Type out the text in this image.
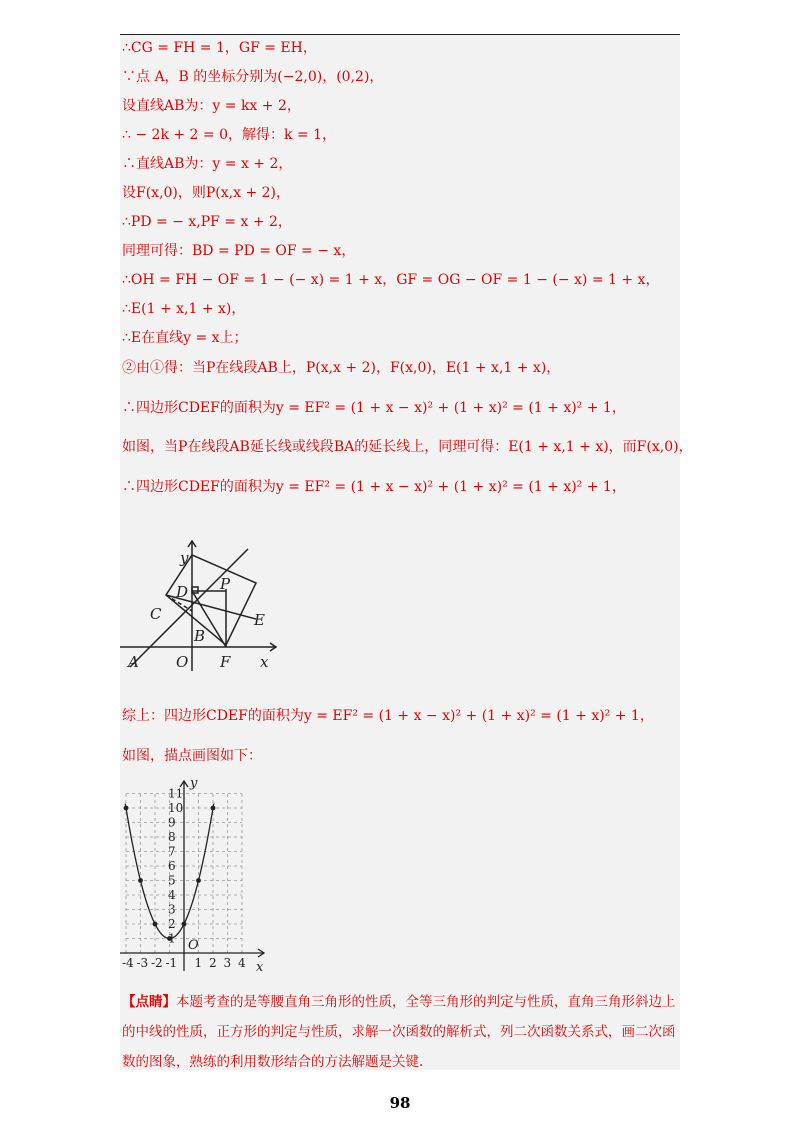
∴CG = FH = 1，GF = EH，
∵点 A，B 的坐标分别为(−2,0)，(0,2)，
设直线AB为：y = kx + 2，
∴ − 2k + 2 = 0，解得：k = 1，
∴直线AB为：y = x + 2，
设F(x,0)，则P(x,x + 2)，
∴PD = − x,PF = x + 2，
同理可得：BD = PD = OF = − x，
∴OH = FH − OF = 1 − (− x) = 1 + x，GF = OG − OF = 1 − (− x) = 1 + x，
∴E(1 + x,1 + x)，
∴E在直线y = x上；
②由①得：当P在线段AB上，P(x,x + 2)，F(x,0)，E(1 + x,1 + x)，
∴四边形CDEF的面积为y = EF² = (1 + x − x)² + (1 + x)² = (1 + x)² + 1，
如图，当P在线段AB延长线或线段BA的延长线上，同理可得：E(1 + x,1 + x)，而F(x,0)，
∴四边形CDEF的面积为y = EF² = (1 + x − x)² + (1 + x)² = (1 + x)² + 1，
y
x
D P
E
C
B
A O F
综上：四边形CDEF的面积为y = EF² = (1 + x − x)² + (1 + x)² = (1 + x)² + 1，
如图，描点画图如下：
1
2
3
4
5
6
7
8
9
10
11
-4 -3 -2 -1 1 2 3 4
y
x
O
【点睛】本题考查的是等腰直角三角形的性质，全等三角形的判定与性质，直角三角形斜边上的中线的性质，正方形的判定与性质，求解一次函数的解析式，列二次函数关系式，画二次函数的图象，熟练的利用数形结合的方法解题是关键.
98
